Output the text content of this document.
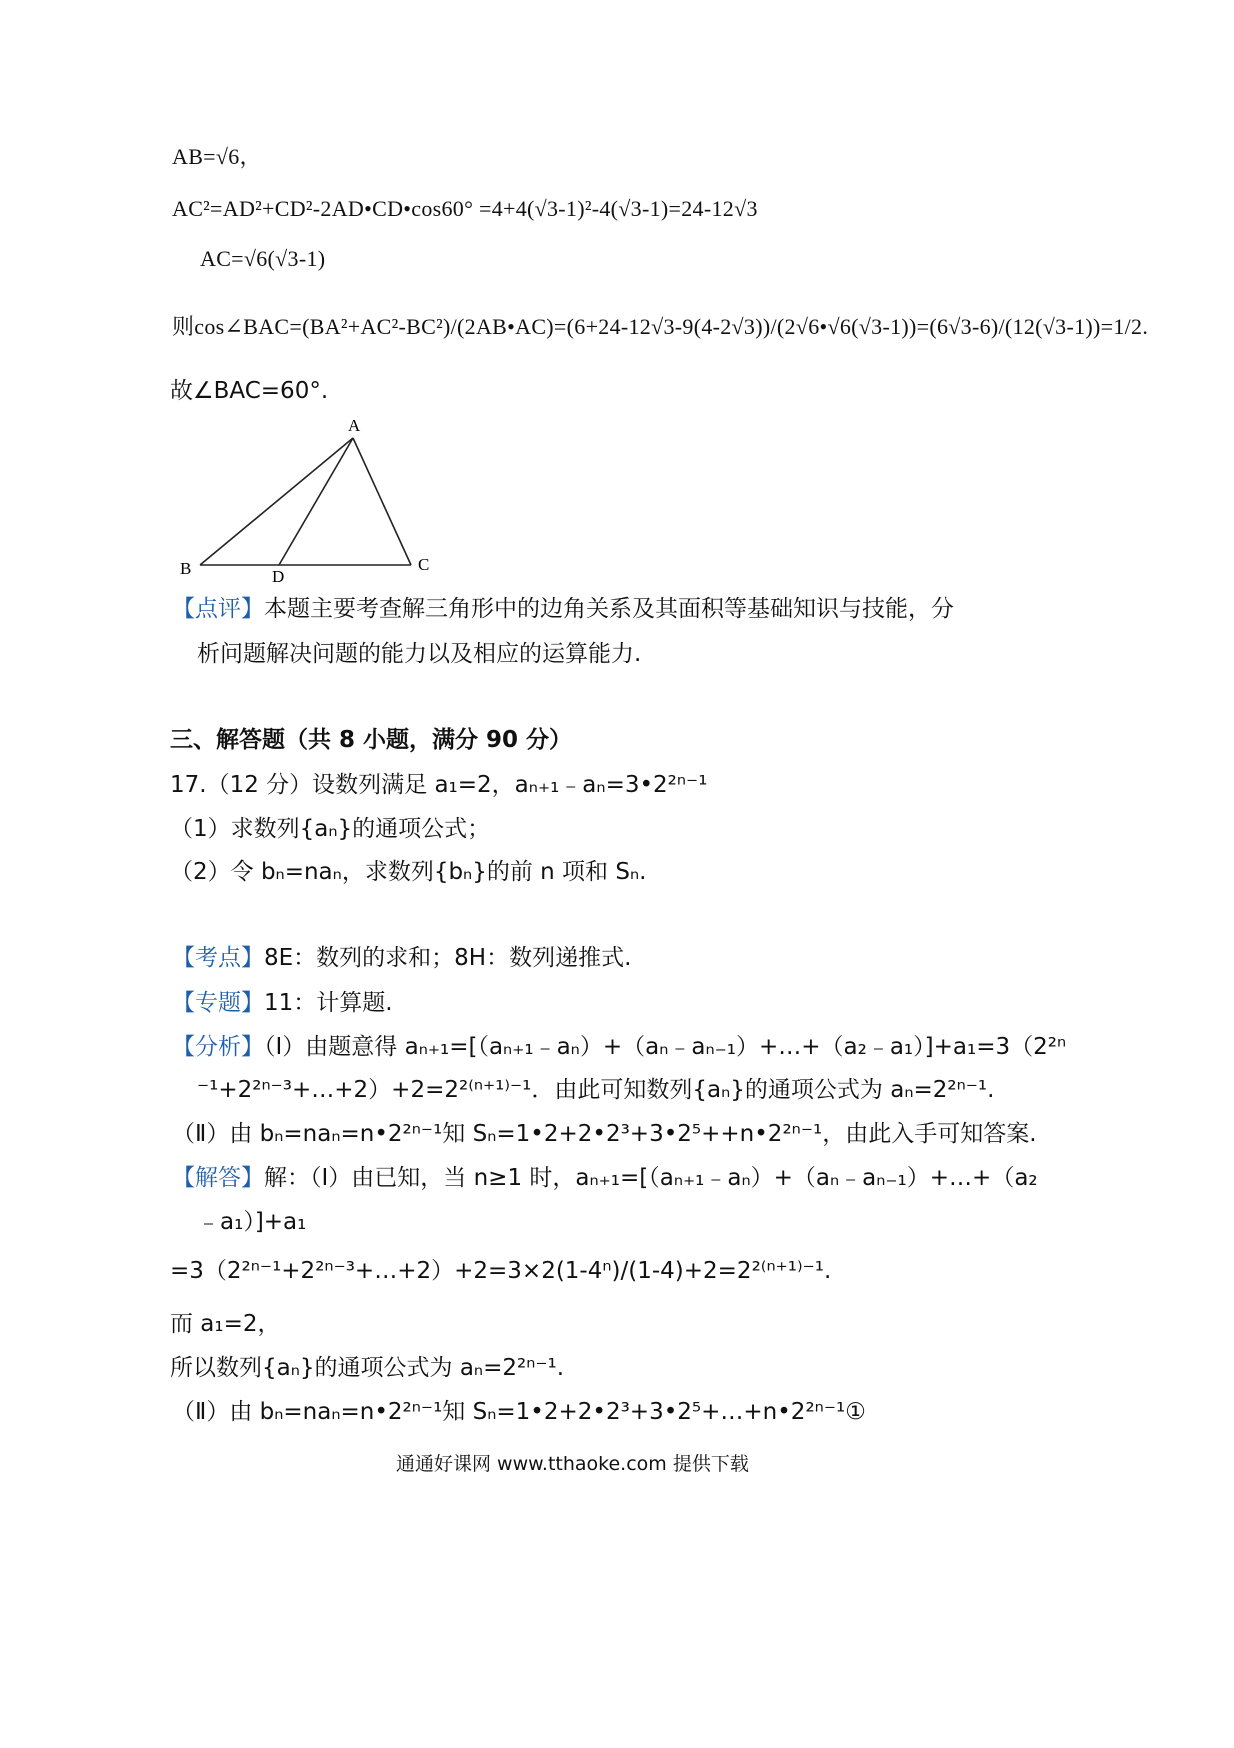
AB=√6，
AC²=AD²+CD²-2AD•CD•cos60° =4+4(√3-1)²-4(√3-1)=24-12√3
AC=√6(√3-1)
则cos∠BAC=(BA²+AC²-BC²)/(2AB•AC)=(6+24-12√3-9(4-2√3))/(2√6•√6(√3-1))=(6√3-6)/(12(√3-1))=1/2.
故∠BAC=60°.
A
B	C
D
【点评】本题主要考查解三角形中的边角关系及其面积等基础知识与技能，分
析问题解决问题的能力以及相应的运算能力.
三、解答题（共 8 小题，满分 90 分）
17.（12 分）设数列满足 a₁=2，aₙ₊₁﹣aₙ=3•2²ⁿ⁻¹
（1）求数列{aₙ}的通项公式；
（2）令 bₙ=naₙ，求数列{bₙ}的前 n 项和 Sₙ.
【考点】8E：数列的求和；8H：数列递推式.
【专题】11：计算题.
【分析】（Ⅰ）由题意得 aₙ₊₁=[（aₙ₊₁﹣aₙ）+（aₙ﹣aₙ₋₁）+…+（a₂﹣a₁）]+a₁=3（2²ⁿ
⁻¹+2²ⁿ⁻³+…+2）+2=2²⁽ⁿ⁺¹⁾⁻¹．由此可知数列{aₙ}的通项公式为 aₙ=2²ⁿ⁻¹.
（Ⅱ）由 bₙ=naₙ=n•2²ⁿ⁻¹知 Sₙ=1•2+2•2³+3•2⁵++n•2²ⁿ⁻¹，由此入手可知答案.
【解答】解：（Ⅰ）由已知，当 n≥1 时，aₙ₊₁=[（aₙ₊₁﹣aₙ）+（aₙ﹣aₙ₋₁）+…+（a₂
﹣a₁）]+a₁
=3（2²ⁿ⁻¹+2²ⁿ⁻³+…+2）+2=3×2(1-4ⁿ)/(1-4)+2=2²⁽ⁿ⁺¹⁾⁻¹.
而 a₁=2，
所以数列{aₙ}的通项公式为 aₙ=2²ⁿ⁻¹.
（Ⅱ）由 bₙ=naₙ=n•2²ⁿ⁻¹知 Sₙ=1•2+2•2³+3•2⁵+…+n•2²ⁿ⁻¹①
通通好课网 www.tthaoke.com 提供下载
